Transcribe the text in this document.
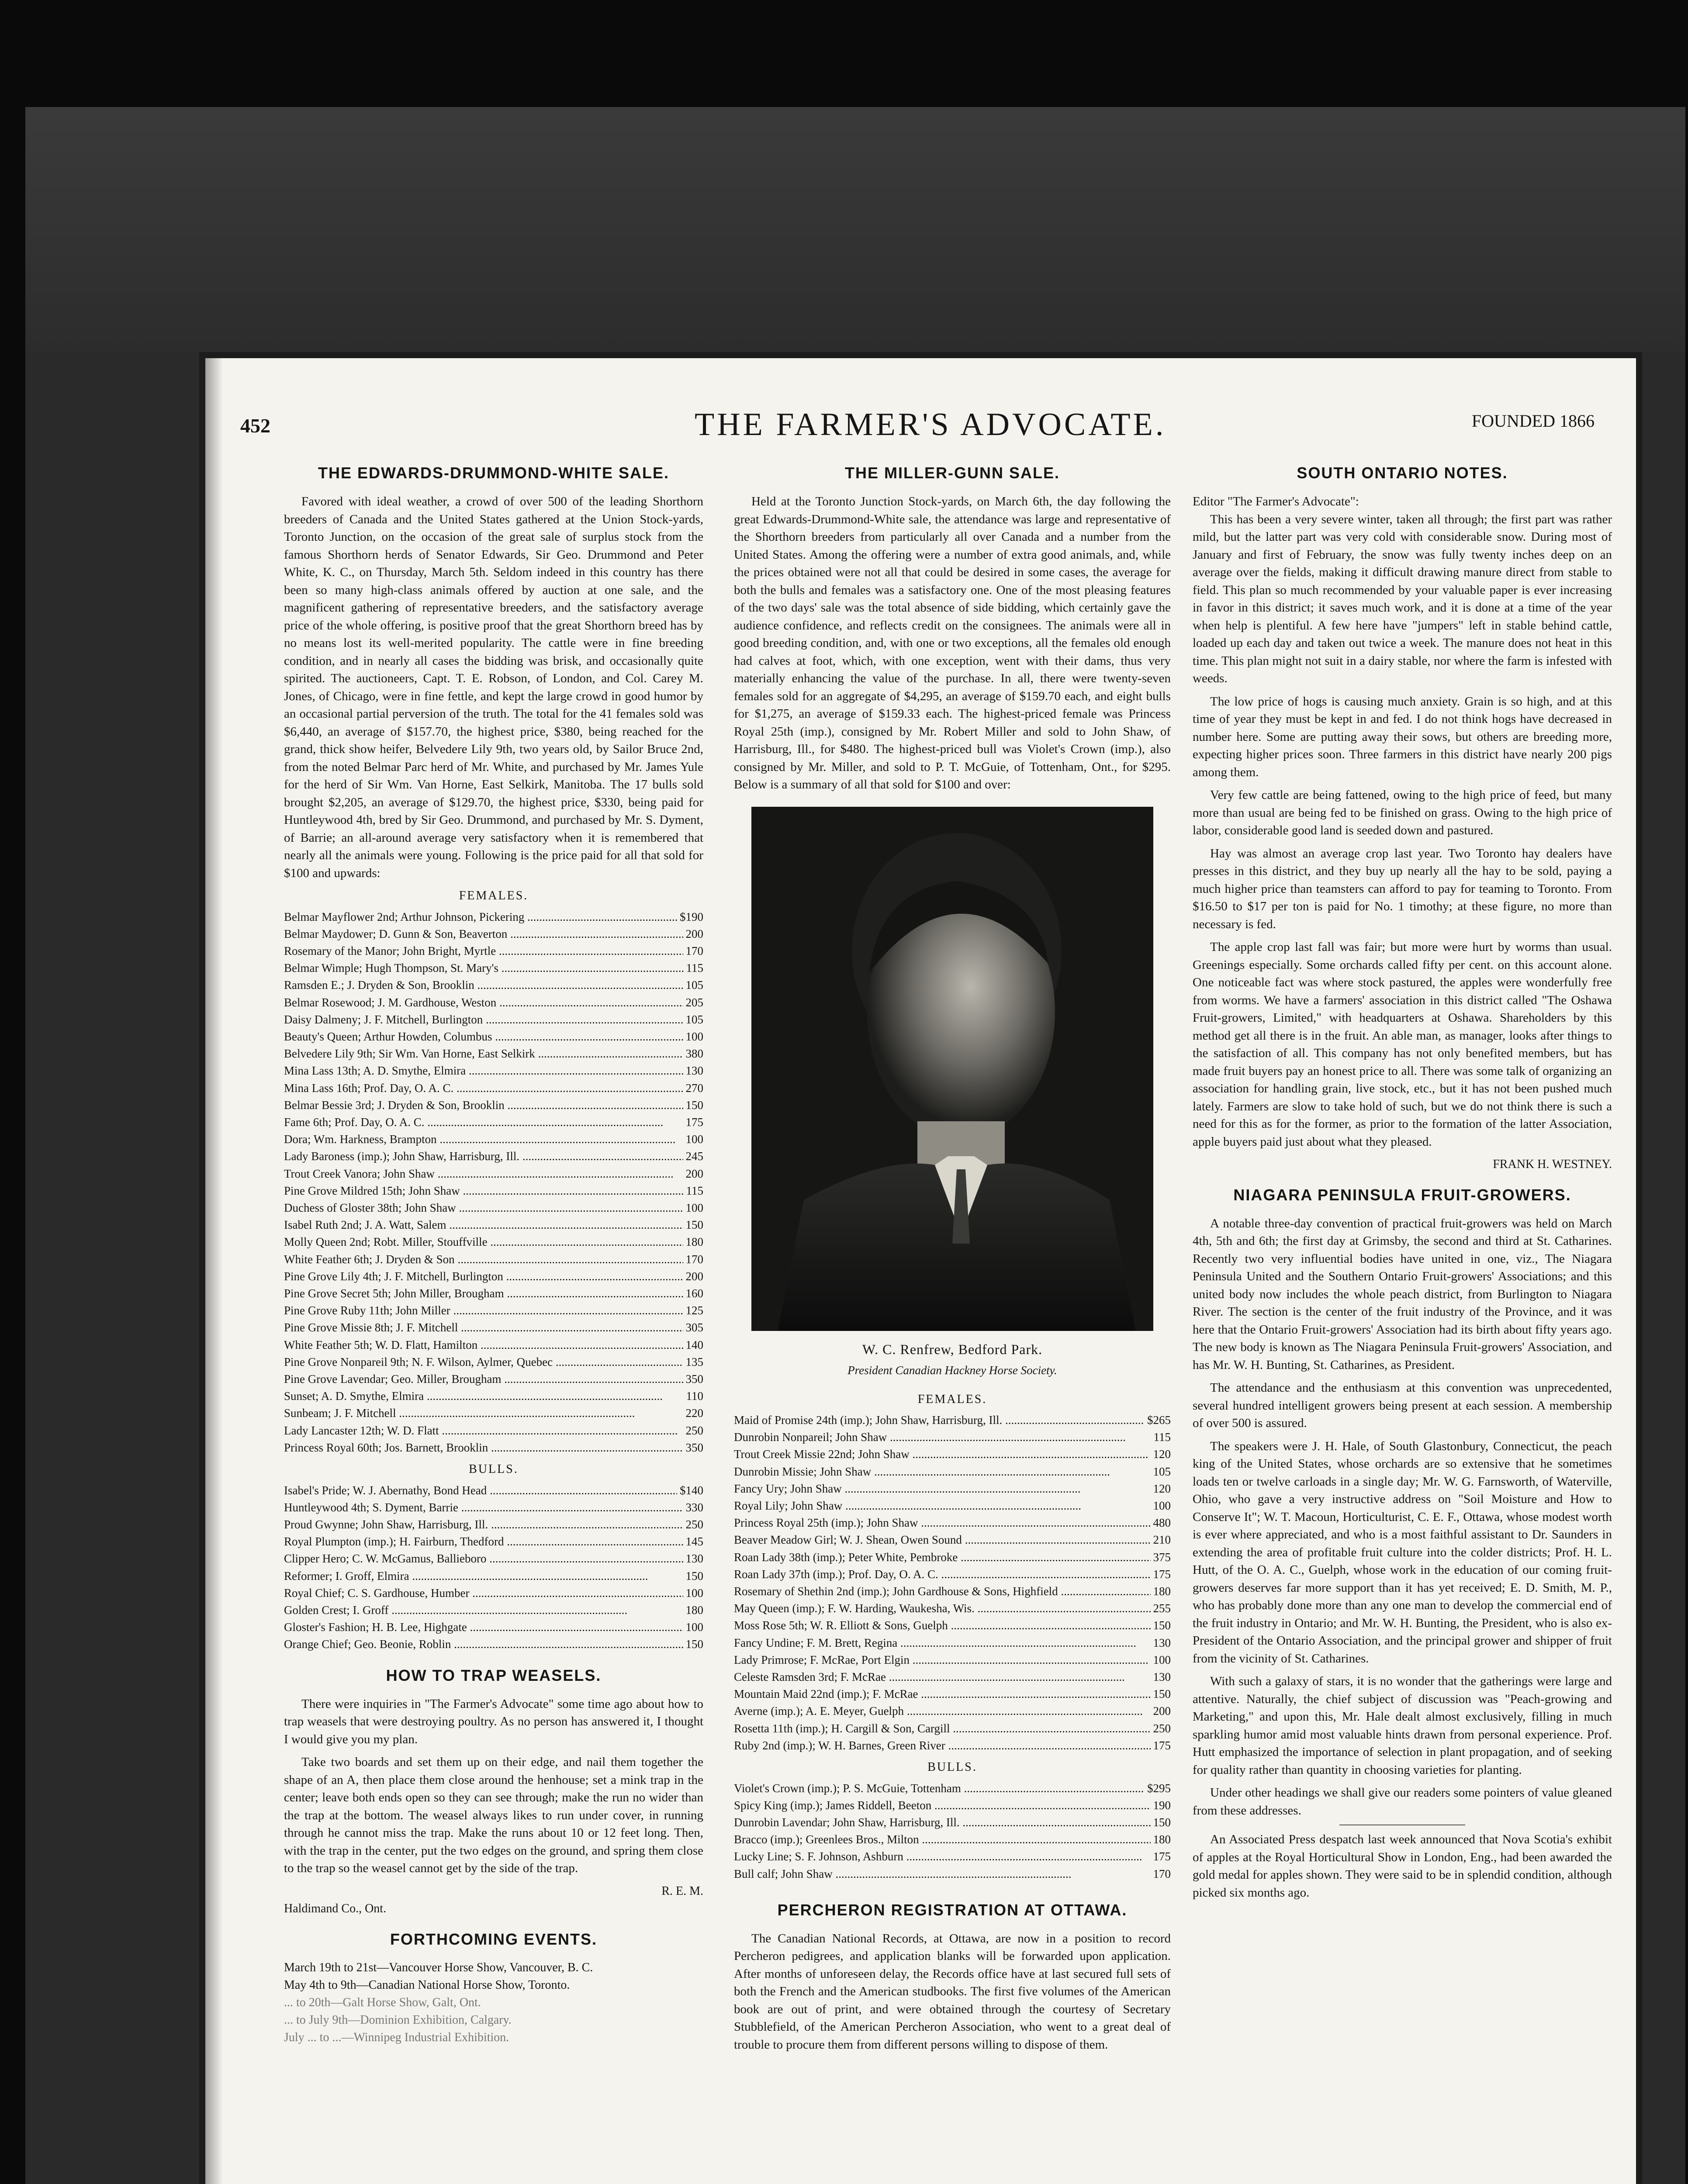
452	THE FARMER'S ADVOCATE.	FOUNDED 1866
THE EDWARDS-DRUMMOND-WHITE SALE.

Favored with ideal weather, a crowd of over 500 of the leading Shorthorn breeders of Canada and the United States gathered at the Union Stock-yards, Toronto Junction, on the occasion of the great sale of surplus stock from the famous Shorthorn herds of Senator Edwards, Sir Geo. Drummond and Peter White, K. C., on Thursday, March 5th. Seldom indeed in this country has there been so many high-class animals offered by auction at one sale, and the magnificent gathering of representative breeders, and the satisfactory average price of the whole offering, is positive proof that the great Shorthorn breed has by no means lost its well-merited popularity. The cattle were in fine breeding condition, and in nearly all cases the bidding was brisk, and occasionally quite spirited. The auctioneers, Capt. T. E. Robson, of London, and Col. Carey M. Jones, of Chicago, were in fine fettle, and kept the large crowd in good humor by an occasional partial perversion of the truth. The total for the 41 females sold was $6,440, an average of $157.70, the highest price, $380, being reached for the grand, thick show heifer, Belvedere Lily 9th, two years old, by Sailor Bruce 2nd, from the noted Belmar Parc herd of Mr. White, and purchased by Mr. James Yule for the herd of Sir Wm. Van Horne, East Selkirk, Manitoba. The 17 bulls sold brought $2,205, an average of $129.70, the highest price, $330, being paid for Huntleywood 4th, bred by Sir Geo. Drummond, and purchased by Mr. S. Dyment, of Barrie; an all-around average very satisfactory when it is remembered that nearly all the animals were young. Following is the price paid for all that sold for $100 and upwards:

FEMALES.
Belmar Mayflower 2nd; Arthur Johnson, Pickering .....	$190
Belmar Maydower; D. Gunn & Son, Beaverton .....	200
Rosemary of the Manor; John Bright, Myrtle .....	170
Belmar Wimple; Hugh Thompson, St. Mary's .....	115
Ramsden E.; J. Dryden & Son, Brooklin .....	105
Belmar Rosewood; J. M. Gardhouse, Weston .....	205
Daisy Dalmeny; J. F. Mitchell, Burlington .....	105
Beauty's Queen; Arthur Howden, Columbus .....	100
Belvedere Lily 9th; Sir Wm. Van Horne, East Selkirk .....	380
Mina Lass 13th; A. D. Smythe, Elmira .....	130
Mina Lass 16th; Prof. Day, O. A. C. .....	270
Belmar Bessie 3rd; J. Dryden & Son, Brooklin .....	150
Fame 6th; Prof. Day, O. A. C. .....	175
Dora; Wm. Harkness, Brampton .....	100
Lady Baroness (imp.); John Shaw, Harrisburg, Ill. .....	245
Trout Creek Vanora; John Shaw .....	200
Pine Grove Mildred 15th; John Shaw .....	115
Duchess of Gloster 38th; John Shaw .....	100
Isabel Ruth 2nd; J. A. Watt, Salem .....	150
Molly Queen 2nd; Robt. Miller, Stouffville .....	180
White Feather 6th; J. Dryden & Son .....	170
Pine Grove Lily 4th; J. F. Mitchell, Burlington .....	200
Pine Grove Secret 5th; John Miller, Brougham .....	160
Pine Grove Ruby 11th; John Miller .....	125
Pine Grove Missie 8th; J. F. Mitchell .....	305
White Feather 5th; W. D. Flatt, Hamilton .....	140
Pine Grove Nonpareil 9th; N. F. Wilson, Aylmer, Quebec .....	135
Pine Grove Lavendar; Geo. Miller, Brougham .....	350
Sunset; A. D. Smythe, Elmira .....	110
Sunbeam; J. F. Mitchell .....	220
Lady Lancaster 12th; W. D. Flatt .....	250
Princess Royal 60th; Jos. Barnett, Brooklin .....	350
BULLS.
Isabel's Pride; W. J. Abernathy, Bond Head .....	$140
Huntleywood 4th; S. Dyment, Barrie .....	330
Proud Gwynne; John Shaw, Harrisburg, Ill. .....	250
Royal Plumpton (imp.); H. Fairburn, Thedford .....	145
Clipper Hero; C. W. McGamus, Ballieboro .....	130
Reformer; I. Groff, Elmira .....	150
Royal Chief; C. S. Gardhouse, Humber .....	100
Golden Crest; I. Groff .....	180
Gloster's Fashion; H. B. Lee, Highgate .....	100
Orange Chief; Geo. Beonie, Roblin .....	150
HOW TO TRAP WEASELS.

There were inquiries in "The Farmer's Advocate" some time ago about how to trap weasels that were destroying poultry. As no person has answered it, I thought I would give you my plan.

Take two boards and set them up on their edge, and nail them together the shape of an A, then place them close around the henhouse; set a mink trap in the center; leave both ends open so they can see through; make the run no wider than the trap at the bottom. The weasel always likes to run under cover, in running through he cannot miss the trap. Make the runs about 10 or 12 feet long. Then, with the trap in the center, put the two edges on the ground, and spring them close to the trap so the weasel cannot get by the side of the trap.

R. E. M.
Haldimand Co., Ont.
FORTHCOMING EVENTS.
March 19th to 21st—Vancouver Horse Show, Vancouver, B. C.
May 4th to 9th—Canadian National Horse Show, Toronto.
... to 20th—Galt Horse Show, Galt, Ont.
... to July 9th—Dominion Exhibition, Calgary.
July ... to ...—Winnipeg Industrial Exhibition.
THE MILLER-GUNN SALE.

Held at the Toronto Junction Stock-yards, on March 6th, the day following the great Edwards-Drummond-White sale, the attendance was large and representative of the Shorthorn breeders from particularly all over Canada and a number from the United States. Among the offering were a number of extra good animals, and, while the prices obtained were not all that could be desired in some cases, the average for both the bulls and females was a satisfactory one. One of the most pleasing features of the two days' sale was the total absence of side bidding, which certainly gave the audience confidence, and reflects credit on the consignees. The animals were all in good breeding condition, and, with one or two exceptions, all the females old enough had calves at foot, which, with one exception, went with their dams, thus very materially enhancing the value of the purchase. In all, there were twenty-seven females sold for an aggregate of $4,295, an average of $159.70 each, and eight bulls for $1,275, an average of $159.33 each. The highest-priced female was Princess Royal 25th (imp.), consigned by Mr. Robert Miller and sold to John Shaw, of Harrisburg, Ill., for $480. The highest-priced bull was Violet's Crown (imp.), also consigned by Mr. Miller, and sold to P. T. McGuie, of Tottenham, Ont., for $295. Below is a summary of all that sold for $100 and over:

W. C. Renfrew, Bedford Park.
President Canadian Hackney Horse Society.
FEMALES.
Maid of Promise 24th (imp.); John Shaw, Harrisburg, Ill. .....	$265
Dunrobin Nonpareil; John Shaw .....	115
Trout Creek Missie 22nd; John Shaw .....	120
Dunrobin Missie; John Shaw .....	105
Fancy Ury; John Shaw .....	120
Royal Lily; John Shaw .....	100
Princess Royal 25th (imp.); John Shaw .....	480
Beaver Meadow Girl; W. J. Shean, Owen Sound .....	210
Roan Lady 38th (imp.); Peter White, Pembroke .....	375
Roan Lady 37th (imp.); Prof. Day, O. A. C. .....	175
Rosemary of Shethin 2nd (imp.); John Gardhouse & Sons, Highfield .....	180
May Queen (imp.); F. W. Harding, Waukesha, Wis. .....	255
Moss Rose 5th; W. R. Elliott & Sons, Guelph .....	150
Fancy Undine; F. M. Brett, Regina .....	130
Lady Primrose; F. McRae, Port Elgin .....	100
Celeste Ramsden 3rd; F. McRae .....	130
Mountain Maid 22nd (imp.); F. McRae .....	150
Averne (imp.); A. E. Meyer, Guelph .....	200
Rosetta 11th (imp.); H. Cargill & Son, Cargill .....	250
Ruby 2nd (imp.); W. H. Barnes, Green River .....	175
BULLS.
Violet's Crown (imp.); P. S. McGuie, Tottenham .....	$295
Spicy King (imp.); James Riddell, Beeton .....	190
Dunrobin Lavendar; John Shaw, Harrisburg, Ill. .....	150
Bracco (imp.); Greenlees Bros., Milton .....	180
Lucky Line; S. F. Johnson, Ashburn .....	175
Bull calf; John Shaw .....	170
PERCHERON REGISTRATION AT OTTAWA.

The Canadian National Records, at Ottawa, are now in a position to record Percheron pedigrees, and application blanks will be forwarded upon application. After months of unforeseen delay, the Records office have at last secured full sets of both the French and the American studbooks. The first five volumes of the American book are out of print, and were obtained through the courtesy of Secretary Stubblefield, of the American Percheron Association, who went to a great deal of trouble to procure them from different persons willing to dispose of them.

SOUTH ONTARIO NOTES.
Editor "The Farmer's Advocate":

This has been a very severe winter, taken all through; the first part was rather mild, but the latter part was very cold with considerable snow. During most of January and first of February, the snow was fully twenty inches deep on an average over the fields, making it difficult drawing manure direct from stable to field. This plan so much recommended by your valuable paper is ever increasing in favor in this district; it saves much work, and it is done at a time of the year when help is plentiful. A few here have "jumpers" left in stable behind cattle, loaded up each day and taken out twice a week. The manure does not heat in this time. This plan might not suit in a dairy stable, nor where the farm is infested with weeds.

The low price of hogs is causing much anxiety. Grain is so high, and at this time of year they must be kept in and fed. I do not think hogs have decreased in number here. Some are putting away their sows, but others are breeding more, expecting higher prices soon. Three farmers in this district have nearly 200 pigs among them.

Very few cattle are being fattened, owing to the high price of feed, but many more than usual are being fed to be finished on grass. Owing to the high price of labor, considerable good land is seeded down and pastured.

Hay was almost an average crop last year. Two Toronto hay dealers have presses in this district, and they buy up nearly all the hay to be sold, paying a much higher price than teamsters can afford to pay for teaming to Toronto. From $16.50 to $17 per ton is paid for No. 1 timothy; at these figure, no more than necessary is fed.

The apple crop last fall was fair; but more were hurt by worms than usual. Greenings especially. Some orchards called fifty per cent. on this account alone. One noticeable fact was where stock pastured, the apples were wonderfully free from worms. We have a farmers' association in this district called "The Oshawa Fruit-growers, Limited," with headquarters at Oshawa. Shareholders by this method get all there is in the fruit. An able man, as manager, looks after things to the satisfaction of all. This company has not only benefited members, but has made fruit buyers pay an honest price to all. There was some talk of organizing an association for handling grain, live stock, etc., but it has not been pushed much lately. Farmers are slow to take hold of such, but we do not think there is such a need for this as for the former, as prior to the formation of the latter Association, apple buyers paid just about what they pleased.

FRANK H. WESTNEY.
NIAGARA PENINSULA FRUIT-GROWERS.

A notable three-day convention of practical fruit-growers was held on March 4th, 5th and 6th; the first day at Grimsby, the second and third at St. Catharines. Recently two very influential bodies have united in one, viz., The Niagara Peninsula United and the Southern Ontario Fruit-growers' Associations; and this united body now includes the whole peach district, from Burlington to Niagara River. The section is the center of the fruit industry of the Province, and it was here that the Ontario Fruit-growers' Association had its birth about fifty years ago. The new body is known as The Niagara Peninsula Fruit-growers' Association, and has Mr. W. H. Bunting, St. Catharines, as President.

The attendance and the enthusiasm at this convention was unprecedented, several hundred intelligent growers being present at each session. A membership of over 500 is assured.

The speakers were J. H. Hale, of South Glastonbury, Connecticut, the peach king of the United States, whose orchards are so extensive that he sometimes loads ten or twelve carloads in a single day; Mr. W. G. Farnsworth, of Waterville, Ohio, who gave a very instructive address on "Soil Moisture and How to Conserve It"; W. T. Macoun, Horticulturist, C. E. F., Ottawa, whose modest worth is ever where appreciated, and who is a most faithful assistant to Dr. Saunders in extending the area of profitable fruit culture into the colder districts; Prof. H. L. Hutt, of the O. A. C., Guelph, whose work in the education of our coming fruit-growers deserves far more support than it has yet received; E. D. Smith, M. P., who has probably done more than any one man to develop the commercial end of the fruit industry in Ontario; and Mr. W. H. Bunting, the President, who is also ex-President of the Ontario Association, and the principal grower and shipper of fruit from the vicinity of St. Catharines.

With such a galaxy of stars, it is no wonder that the gatherings were large and attentive. Naturally, the chief subject of discussion was "Peach-growing and Marketing," and upon this, Mr. Hale dealt almost exclusively, filling in much sparkling humor amid most valuable hints drawn from personal experience. Prof. Hutt emphasized the importance of selection in plant propagation, and of seeking for quality rather than quantity in choosing varieties for planting.

Under other headings we shall give our readers some pointers of value gleaned from these addresses.

An Associated Press despatch last week announced that Nova Scotia's exhibit of apples at the Royal Horticultural Show in London, Eng., had been awarded the gold medal for apples shown. They were said to be in splendid condition, although picked six months ago.
